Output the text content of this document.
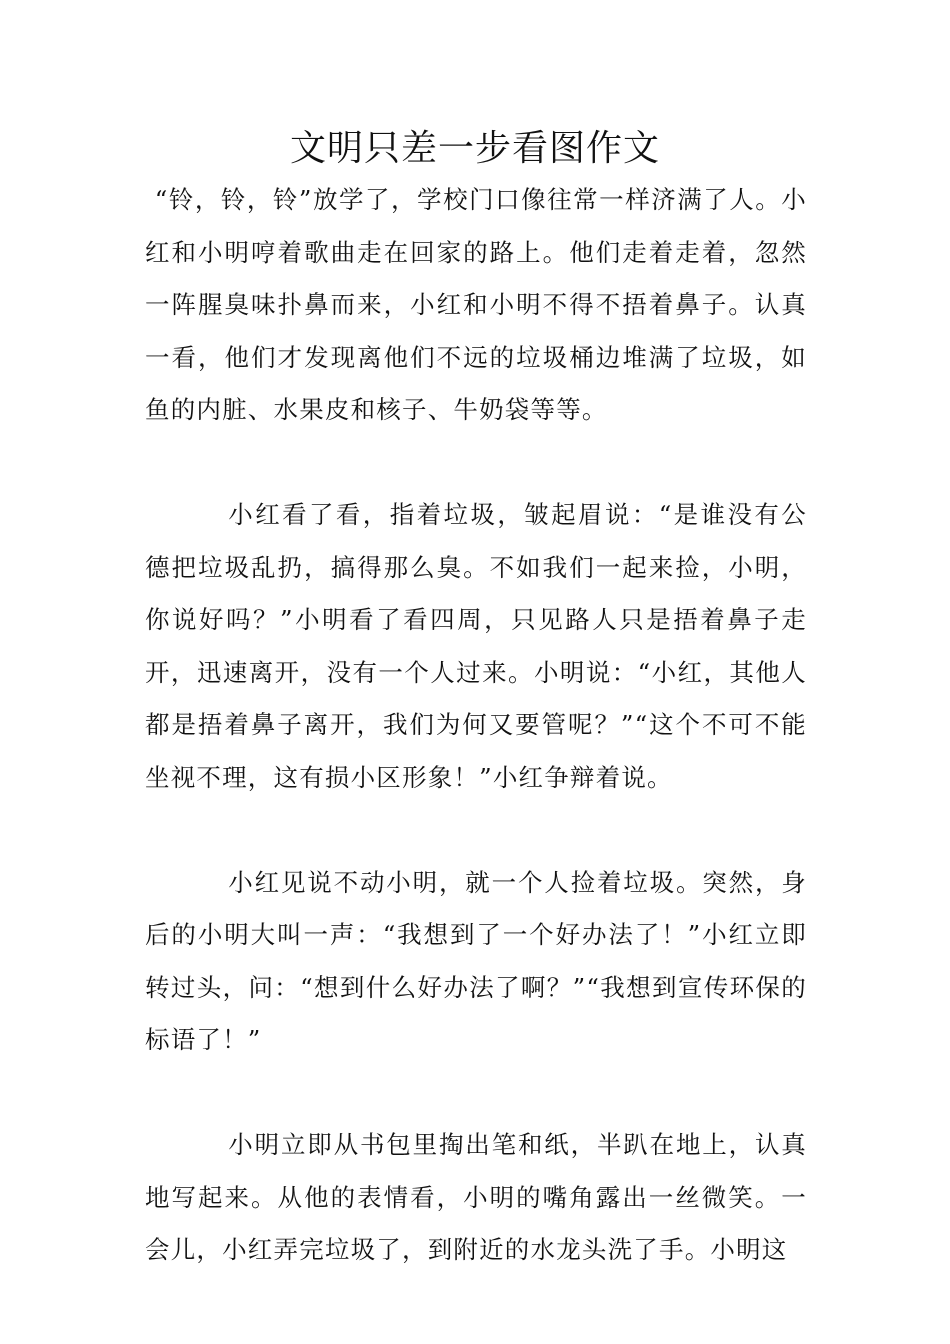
文明只差一步看图作文

“铃，铃，铃”放学了，学校门口像往常一样济满了人。小红和小明哼着歌曲走在回家的路上。他们走着走着，忽然一阵腥臭味扑鼻而来，小红和小明不得不捂着鼻子。认真一看，他们才发现离他们不远的垃圾桶边堆满了垃圾，如鱼的内脏、水果皮和核子、牛奶袋等等。

小红看了看，指着垃圾，皱起眉说：“是谁没有公德把垃圾乱扔，搞得那么臭。不如我们一起来捡，小明，你说好吗？”小明看了看四周，只见路人只是捂着鼻子走开，迅速离开，没有一个人过来。小明说：“小红，其他人都是捂着鼻子离开，我们为何又要管呢？”“这个不可不能坐视不理，这有损小区形象！”小红争辩着说。

小红见说不动小明，就一个人捡着垃圾。突然，身后的小明大叫一声：“我想到了一个好办法了！”小红立即转过头，问：“想到什么好办法了啊？”“我想到宣传环保的标语了！”

小明立即从书包里掏出笔和纸，半趴在地上，认真地写起来。从他的表情看，小明的嘴角露出一丝微笑。一会儿，小红弄完垃圾了，到附近的水龙头洗了手。小明这
